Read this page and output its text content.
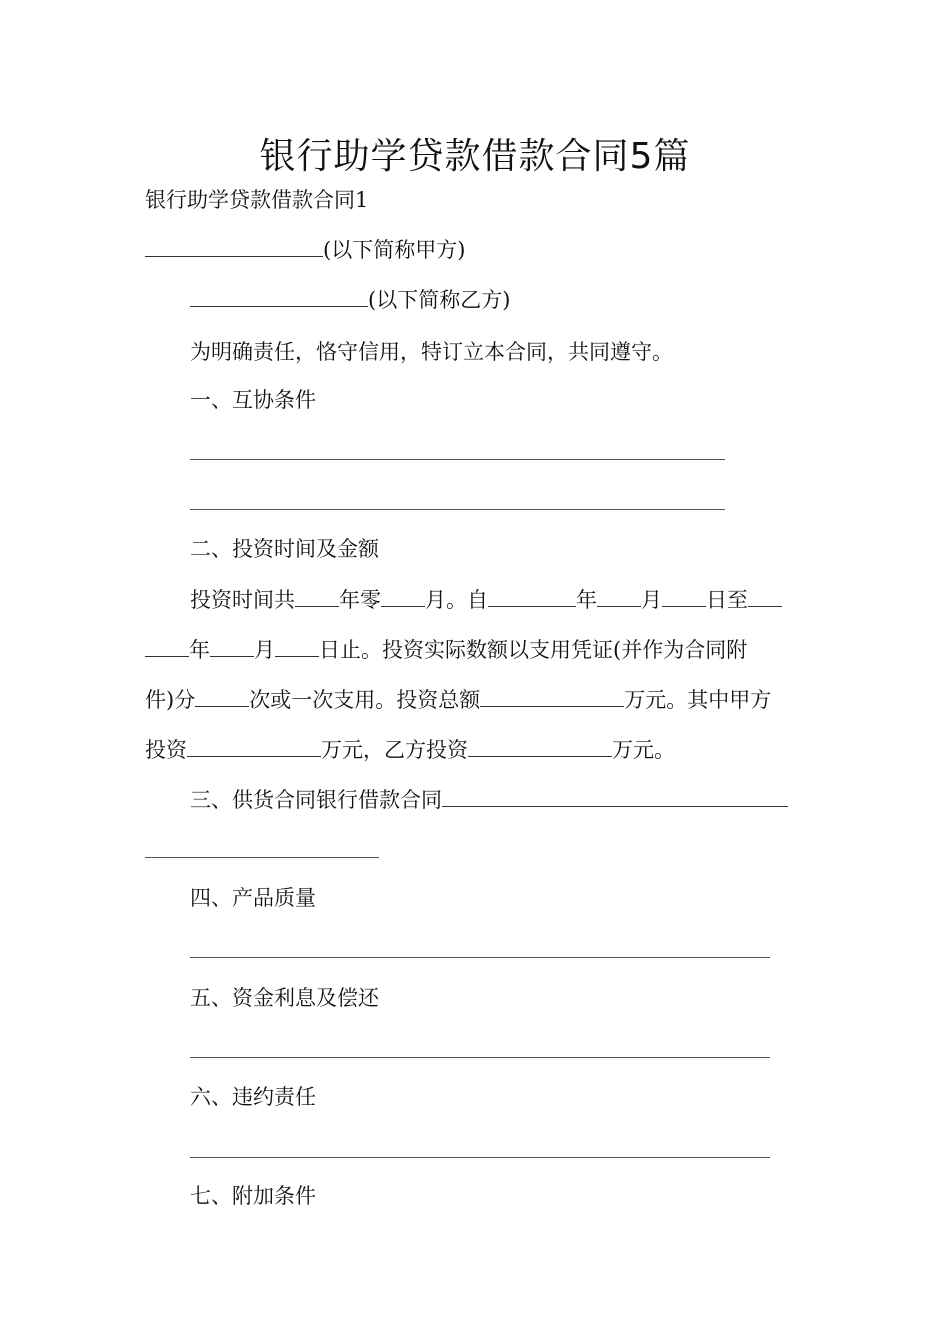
银行助学贷款借款合同5篇
银行助学贷款借款合同1
(以下简称甲方)
(以下简称乙方)
为明确责任，恪守信用，特订立本合同，共同遵守。
一、互协条件
二、投资时间及金额
投资时间共 年零 月。自	年 月 日至
年 月 日止。投资实际数额以支用凭证(并作为合同附
件)分	次或一次支用。投资总额	万元。其中甲方
投资	万元，乙方投资	万元。
三、供货合同银行借款合同
四、产品质量
五、资金利息及偿还
六、违约责任
七、附加条件
